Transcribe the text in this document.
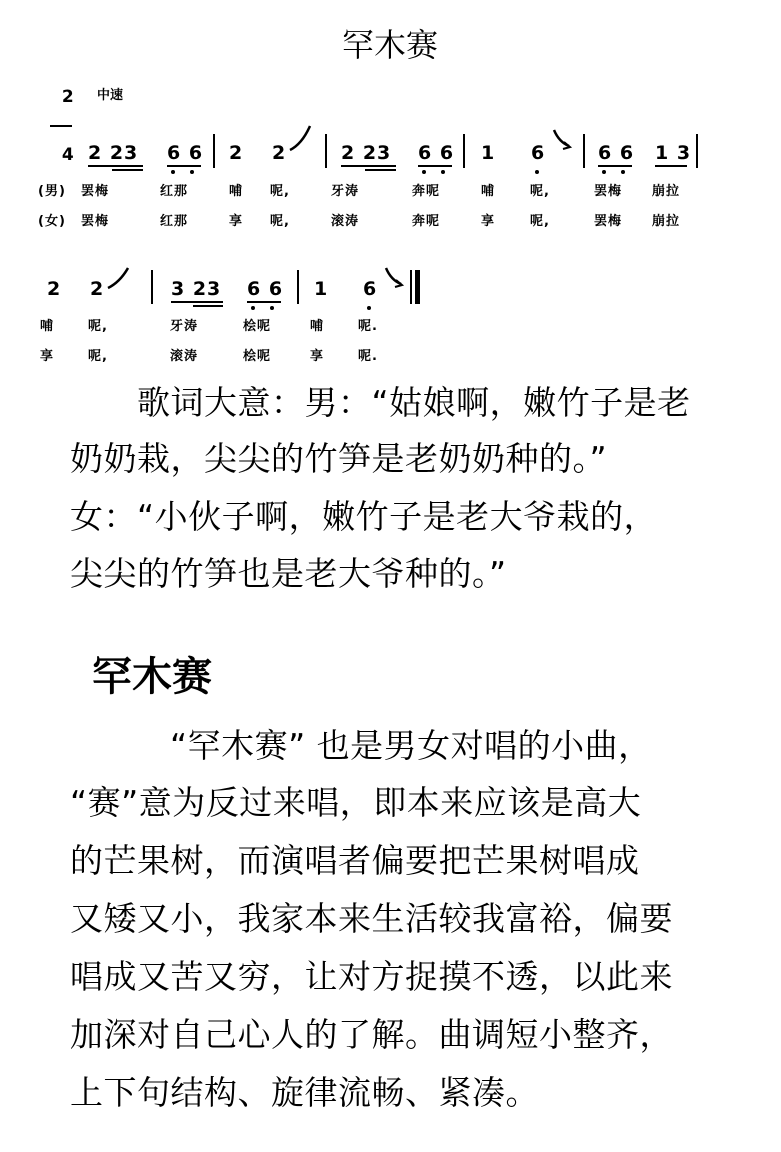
罕木赛

2

4

中速
2 23 6 6 2 2	2 23 6 6 1 6	6 6 1 3
(男) 罢梅	红那	哺 呢,	牙涛	奔呢	哺	呢,	罢梅 崩拉
(女) 罢梅	红那	享 呢,	滚涛	奔呢	享	呢,	罢梅 崩拉
2 2	3 23 6 6 1 6
哺	呢,	牙涛	桧呢	哺	呢.
享	呢,	滚涛	桧呢	享	呢.
歌词大意：男：“姑娘啊，嫩竹子是老
奶奶栽，尖尖的竹笋是老奶奶种的。”
女：“小伙子啊，嫩竹子是老大爷栽的，
尖尖的竹笋也是老大爷种的。”
罕木赛
“罕木赛” 也是男女对唱的小曲，
“赛”意为反过来唱，即本来应该是高大
的芒果树，而演唱者偏要把芒果树唱成
又矮又小，我家本来生活较我富裕，偏要
唱成又苦又穷，让对方捉摸不透，以此来
加深对自己心人的了解。曲调短小整齐，
上下句结构、旋律流畅、紧凑。
